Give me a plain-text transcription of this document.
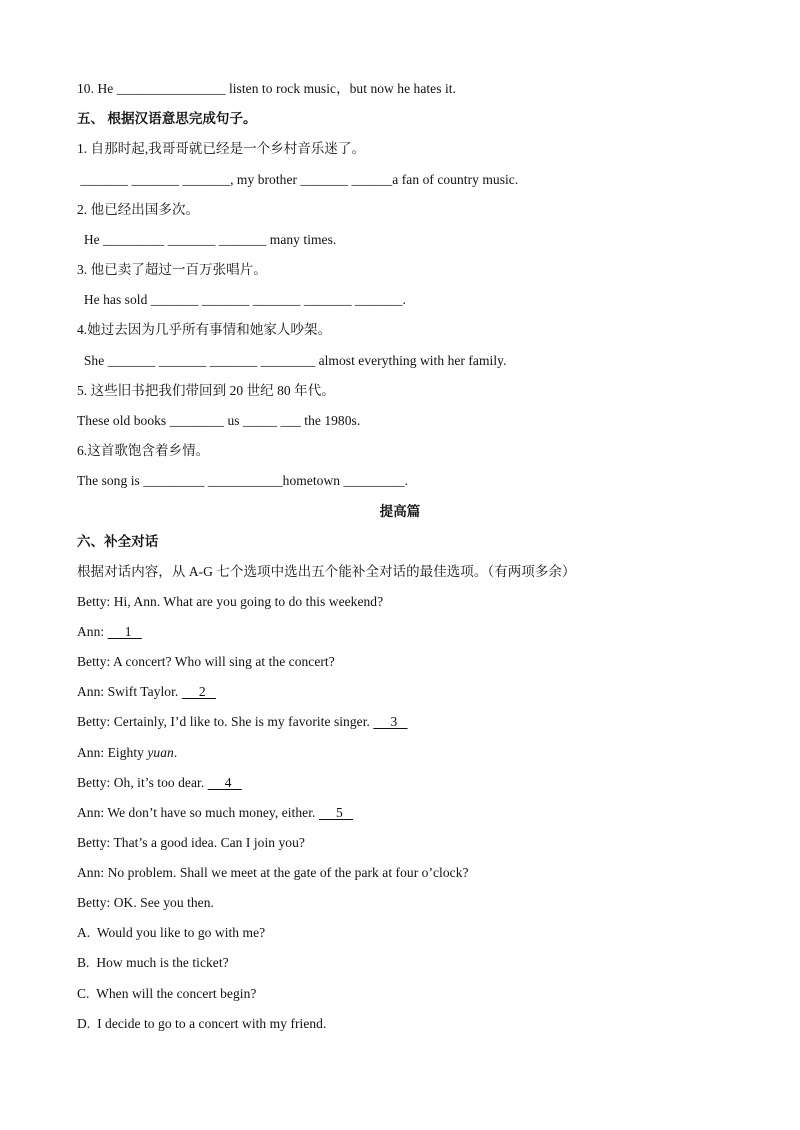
10. He ________________ listen to rock music，but now he hates it.
五、 根据汉语意思完成句子。
1. 自那时起,我哥哥就已经是一个乡村音乐迷了。
_______ _______ _______, my brother _______ ______a fan of country music.
2. 他已经出国多次。
He _________ _______ _______ many times.
3. 他已卖了超过一百万张唱片。
He has sold _______ _______ _______ _______ _______.
4.她过去因为几乎所有事情和她家人吵架。
She _______ _______ _______ ________ almost everything with her family.
5. 这些旧书把我们带回到 20 世纪 80 年代。
These old books ________ us _____ ___ the 1980s.
6.这首歌饱含着乡情。
The song is _________ ___________hometown _________.
提高篇
六、补全对话
根据对话内容，从 A-G 七个选项中选出五个能补全对话的最佳选项。（有两项多余）
Betty: Hi, Ann. What are you going to do this weekend?
Ann:      1
Betty: A concert? Who will sing at the concert?
Ann: Swift Taylor.      2
Betty: Certainly, I’d like to. She is my favorite singer.      3
Ann: Eighty yuan.
Betty: Oh, it’s too dear.      4
Ann: We don’t have so much money, either.      5
Betty: That’s a good idea. Can I join you?
Ann: No problem. Shall we meet at the gate of the park at four o’clock?
Betty: OK. See you then.
A.  Would you like to go with me?
B.  How much is the ticket?
C.  When will the concert begin?
D.  I decide to go to a concert with my friend.
